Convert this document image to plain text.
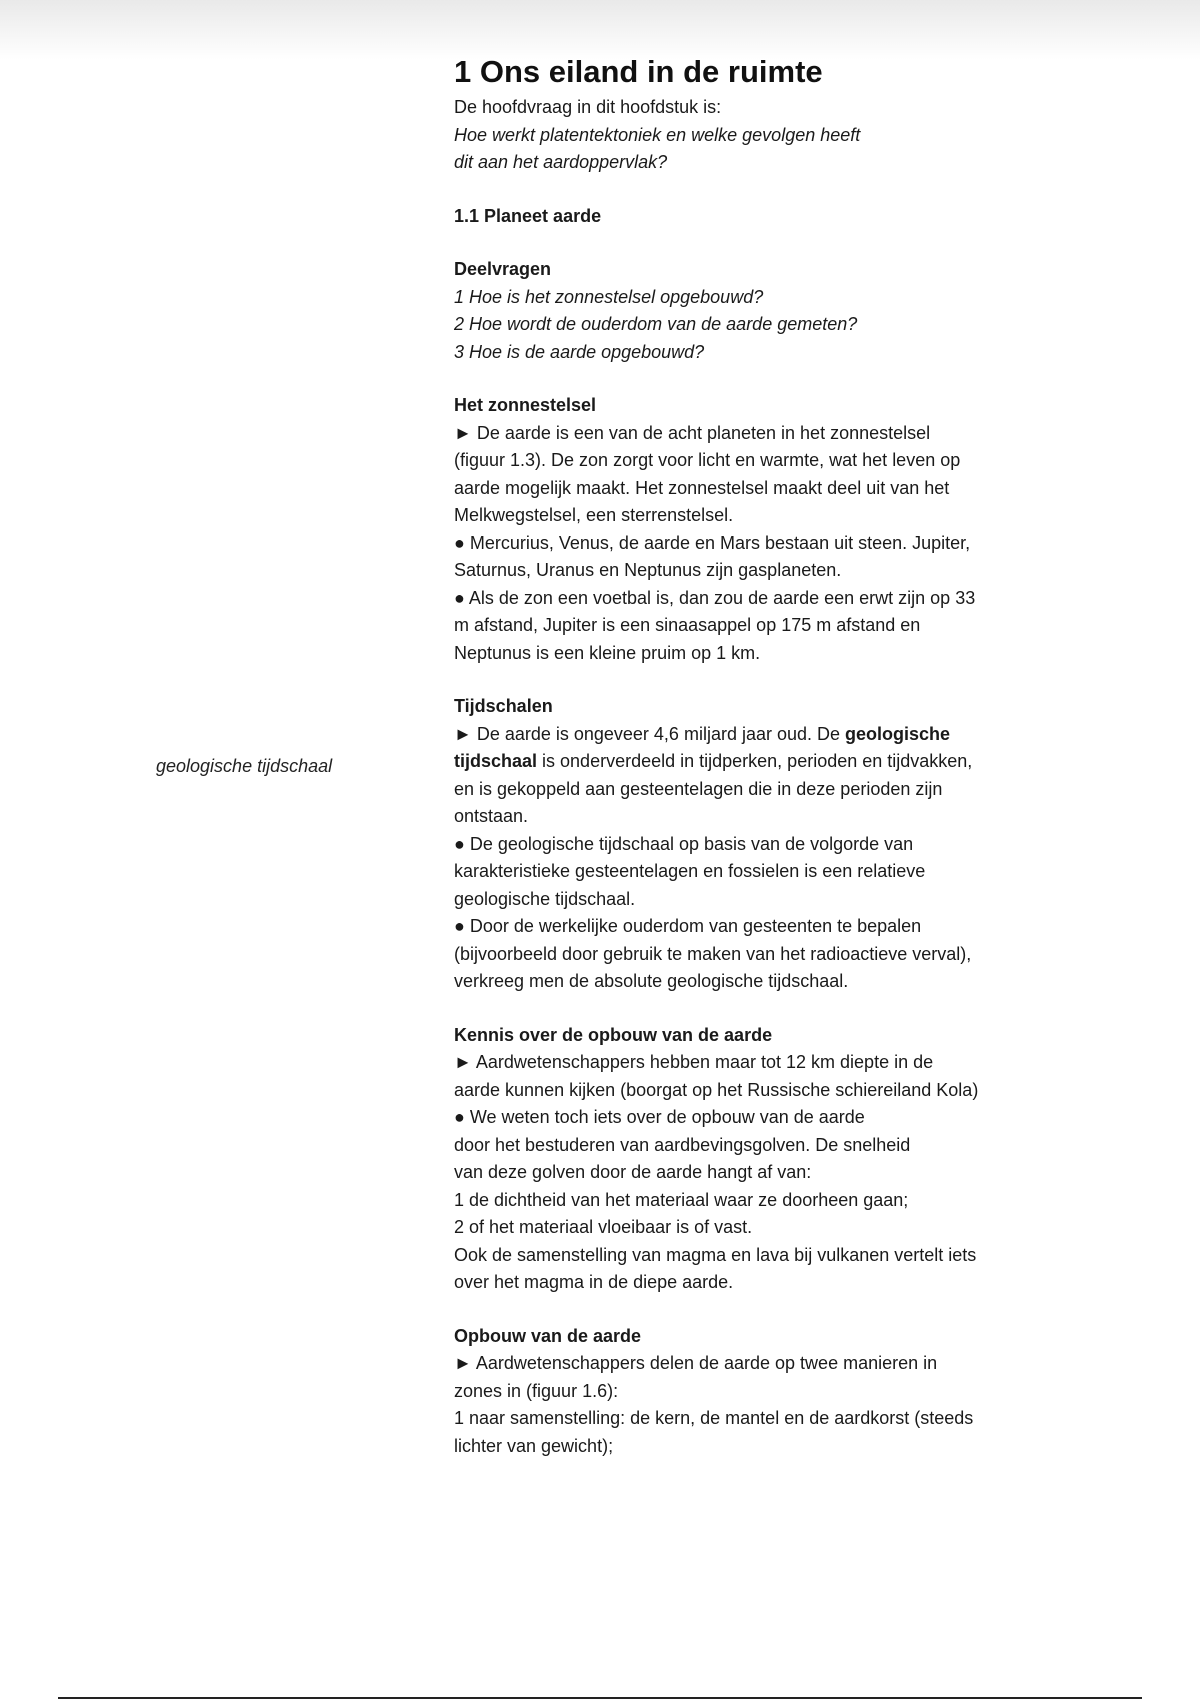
geologische tijdschaal
1 Ons eiland in de ruimte

De hoofdvraag in dit hoofdstuk is:

Hoe werkt platentektoniek en welke gevolgen heeft

dit aan het aardoppervlak?

1.1 Planeet aarde

Deelvragen

1 Hoe is het zonnestelsel opgebouwd?

2 Hoe wordt de ouderdom van de aarde gemeten?

3 Hoe is de aarde opgebouwd?

Het zonnestelsel

► De aarde is een van de acht planeten in het zonnestelsel

(figuur 1.3). De zon zorgt voor licht en warmte, wat het leven op

aarde mogelijk maakt. Het zonnestelsel maakt deel uit van het

Melkwegstelsel, een sterrenstelsel.

● Mercurius, Venus, de aarde en Mars bestaan uit steen. Jupiter,

Saturnus, Uranus en Neptunus zijn gasplaneten.

● Als de zon een voetbal is, dan zou de aarde een erwt zijn op 33

m afstand, Jupiter is een sinaasappel op 175 m afstand en

Neptunus is een kleine pruim op 1 km.

Tijdschalen

► De aarde is ongeveer 4,6 miljard jaar oud. De geologische

tijdschaal is onderverdeeld in tijdperken, perioden en tijdvakken,

en is gekoppeld aan gesteentelagen die in deze perioden zijn

ontstaan.

● De geologische tijdschaal op basis van de volgorde van

karakteristieke gesteentelagen en fossielen is een relatieve

geologische tijdschaal.

● Door de werkelijke ouderdom van gesteenten te bepalen

(bijvoorbeeld door gebruik te maken van het radioactieve verval),

verkreeg men de absolute geologische tijdschaal.

Kennis over de opbouw van de aarde

► Aardwetenschappers hebben maar tot 12 km diepte in de

aarde kunnen kijken (boorgat op het Russische schiereiland Kola)

● We weten toch iets over de opbouw van de aarde

door het bestuderen van aardbevingsgolven. De snelheid

van deze golven door de aarde hangt af van:

1 de dichtheid van het materiaal waar ze doorheen gaan;

2 of het materiaal vloeibaar is of vast.

Ook de samenstelling van magma en lava bij vulkanen vertelt iets

over het magma in de diepe aarde.

Opbouw van de aarde

► Aardwetenschappers delen de aarde op twee manieren in

zones in (figuur 1.6):

1 naar samenstelling: de kern, de mantel en de aardkorst (steeds

lichter van gewicht);
